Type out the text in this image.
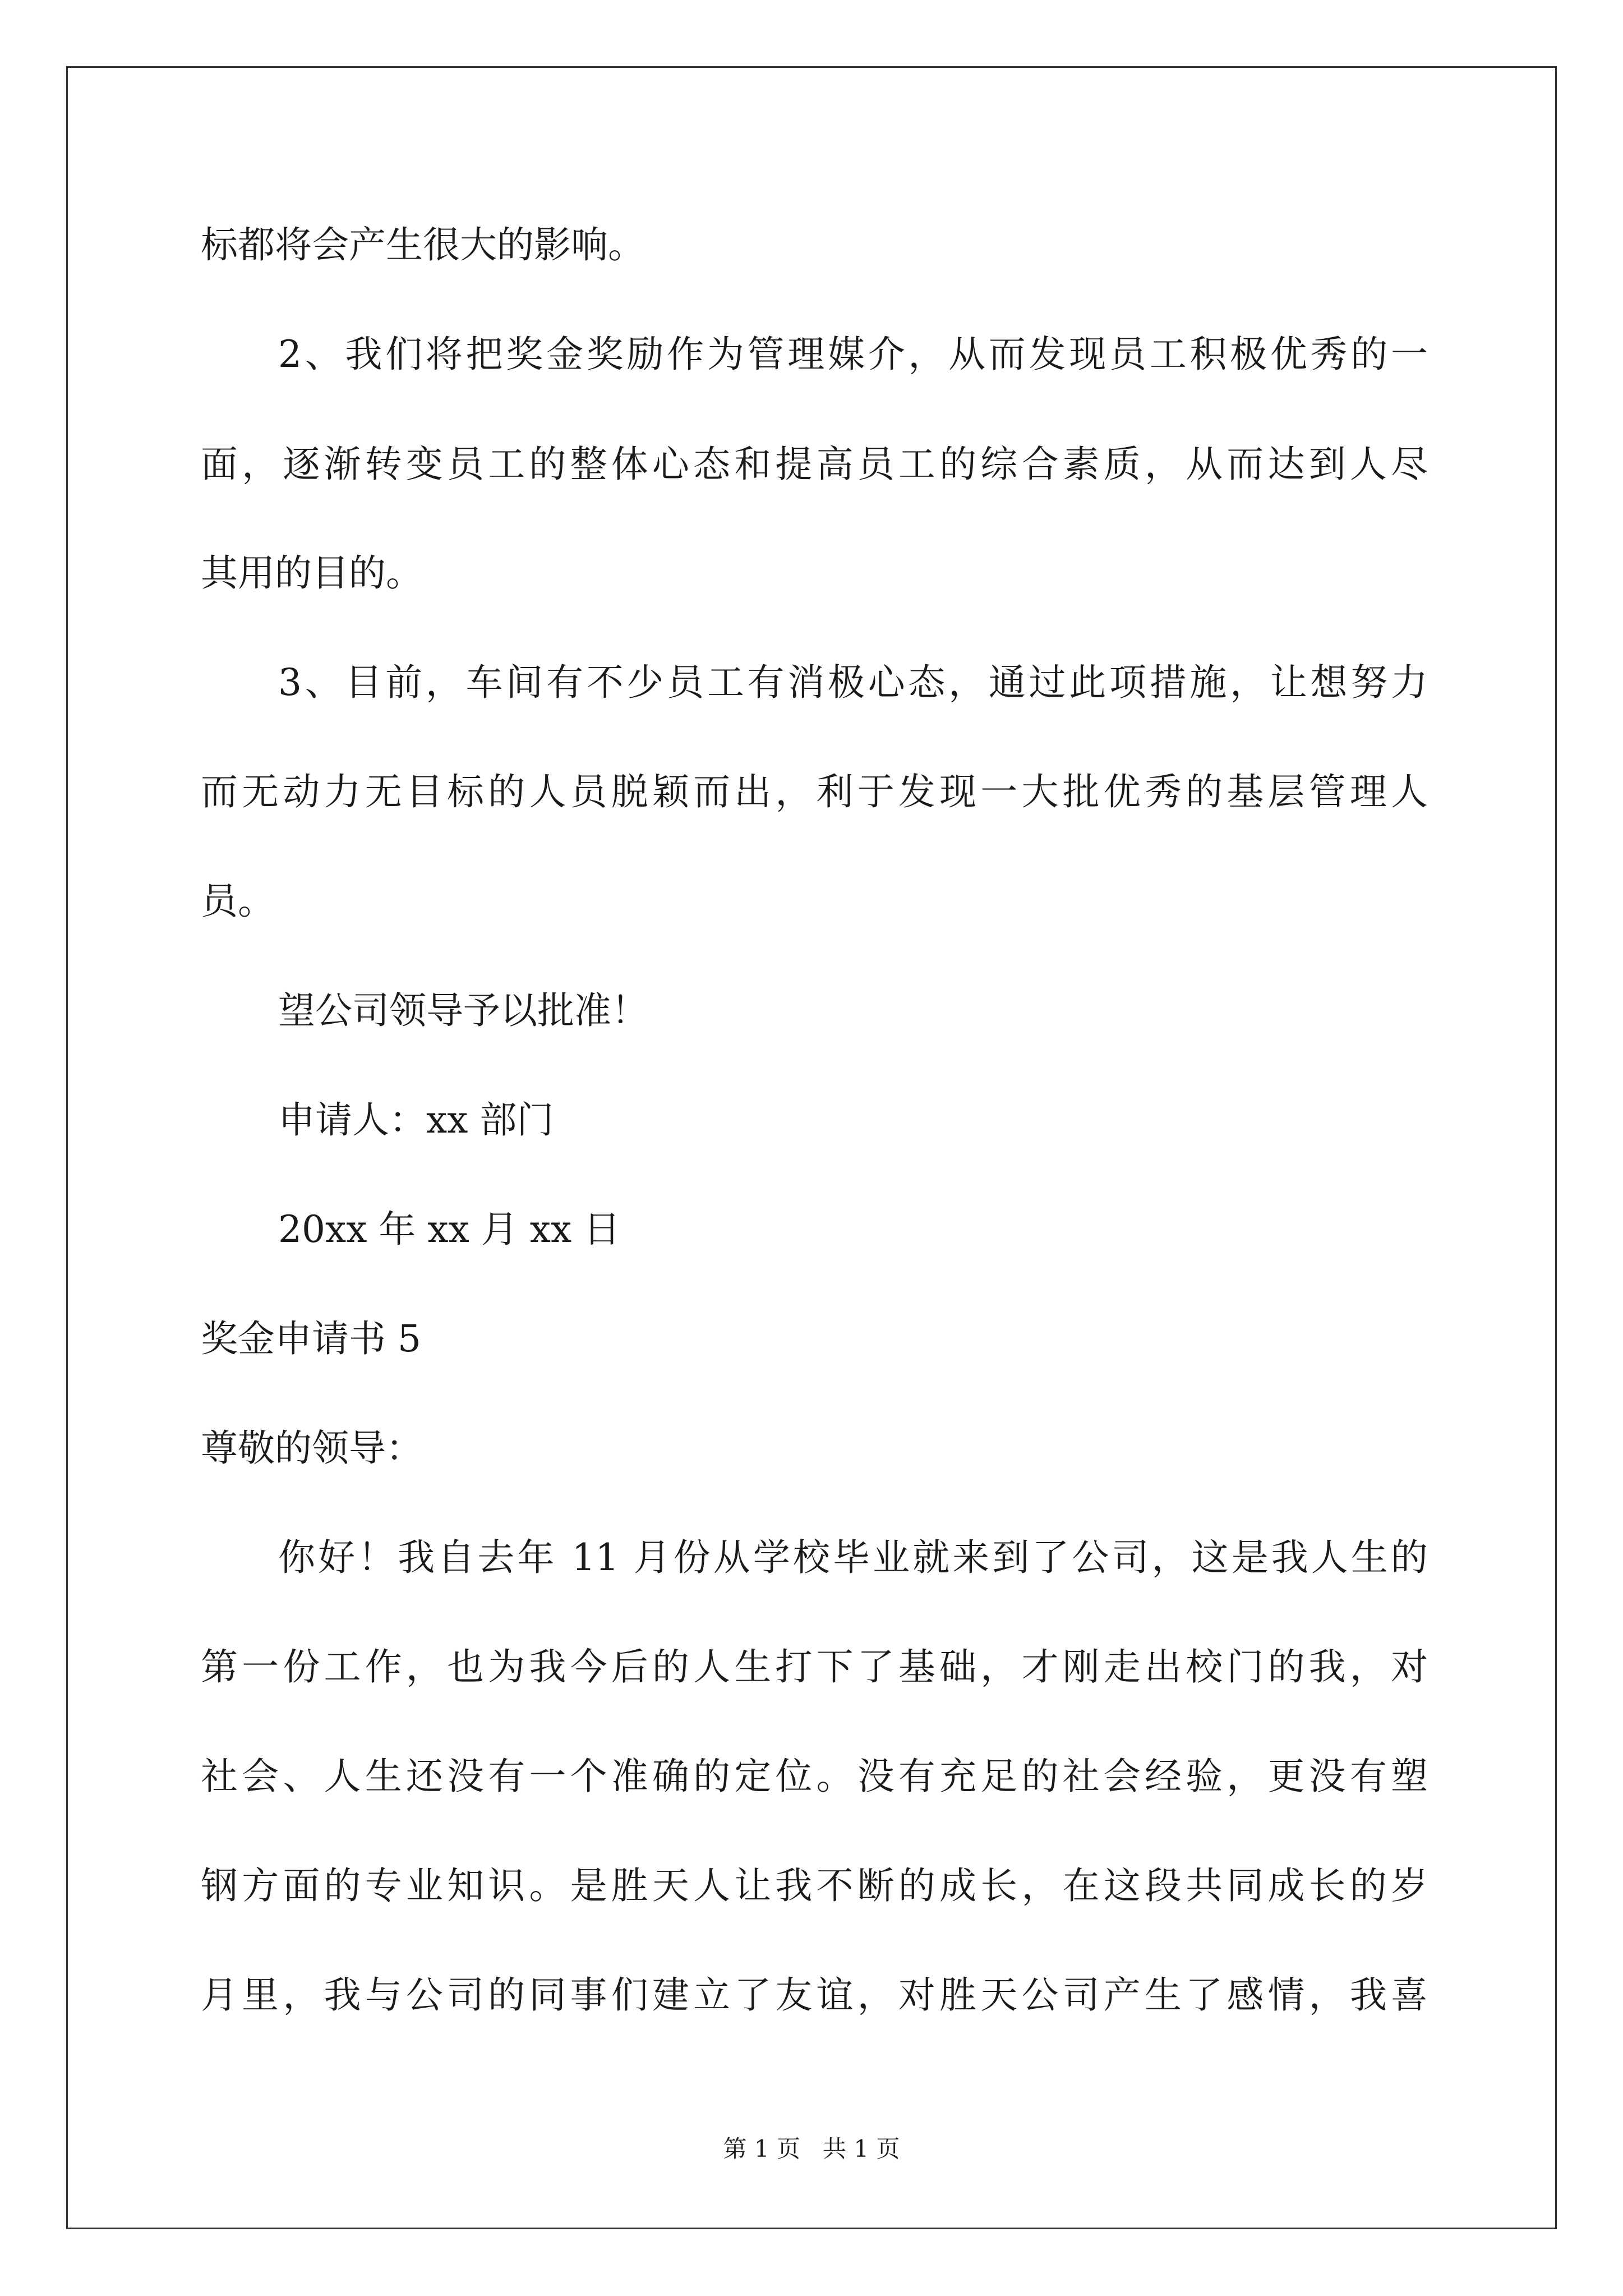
标都将会产生很大的影响。
2、我们将把奖金奖励作为管理媒介，从而发现员工积极优秀的一
面，逐渐转变员工的整体心态和提高员工的综合素质，从而达到人尽
其用的目的。
3、目前，车间有不少员工有消极心态，通过此项措施，让想努力
而无动力无目标的人员脱颖而出，利于发现一大批优秀的基层管理人
员。
望公司领导予以批准！
申请人：xx 部门
20xx 年 xx 月 xx 日
奖金申请书 5
尊敬的领导：
你好！我自去年 11 月份从学校毕业就来到了公司，这是我人生的
第一份工作，也为我今后的人生打下了基础，才刚走出校门的我，对
社会、人生还没有一个准确的定位。没有充足的社会经验，更没有塑
钢方面的专业知识。是胜天人让我不断的成长，在这段共同成长的岁
月里，我与公司的同事们建立了友谊，对胜天公司产生了感情，我喜
第 1 页   共 1 页
